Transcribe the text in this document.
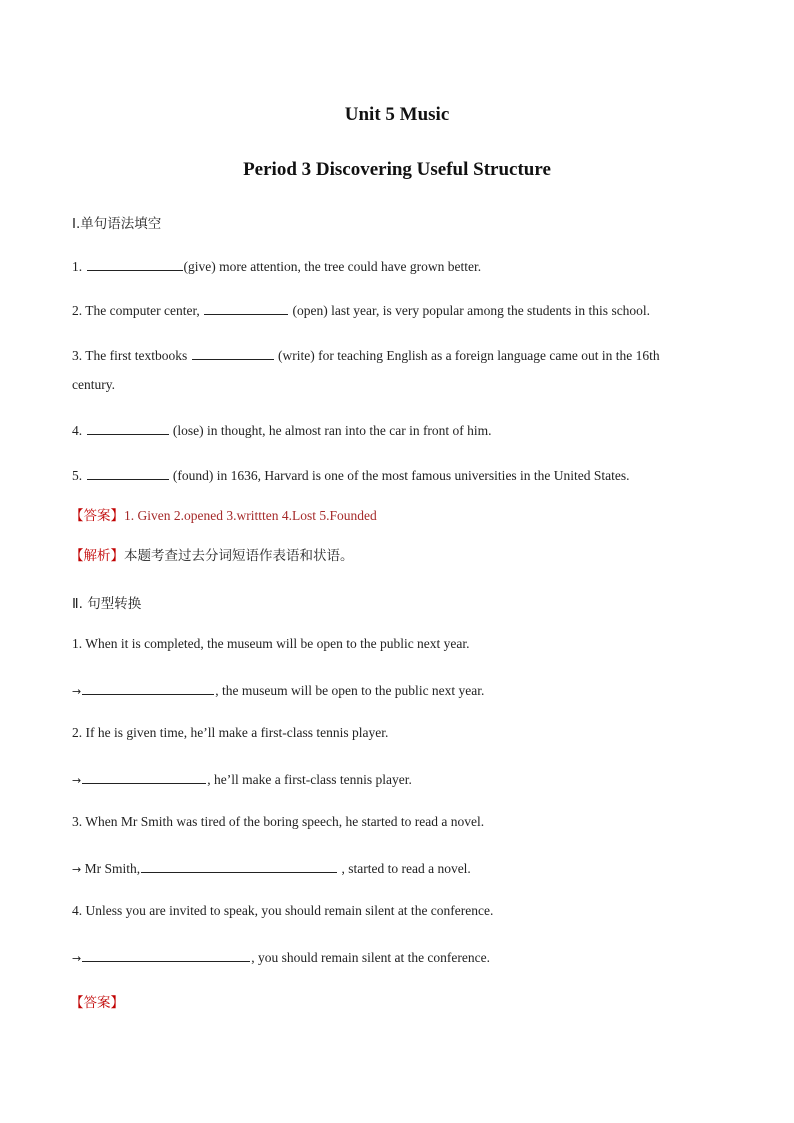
Unit 5 Music
Period 3 Discovering Useful Structure
I.单句语法填空
1.	(give) more attention, the tree could have grown better.
2. The computer center,	(open) last year, is very popular among the students in this school.
3. The first textbooks	(write) for teaching English as a foreign language came out in the 16th
century.
4.	(lose) in thought, he almost ran into the car in front of him.
5.	(found) in 1636, Harvard is one of the most famous universities in the United States.
【答案】1. Given 2.opened 3.writtten 4.Lost 5.Founded
【解析】本题考查过去分词短语作表语和状语。
Ⅱ. 句型转换
1. When it is completed, the museum will be open to the public next year.
→	, the museum will be open to the public next year.
2. If he is given time, he’ll make a first-class tennis player.
→	, he’ll make a first-class tennis player.
3. When Mr Smith was tired of the boring speech, he started to read a novel.
→ Mr Smith,	, started to read a novel.
4. Unless you are invited to speak, you should remain silent at the conference.
→	, you should remain silent at the conference.
【答案】
